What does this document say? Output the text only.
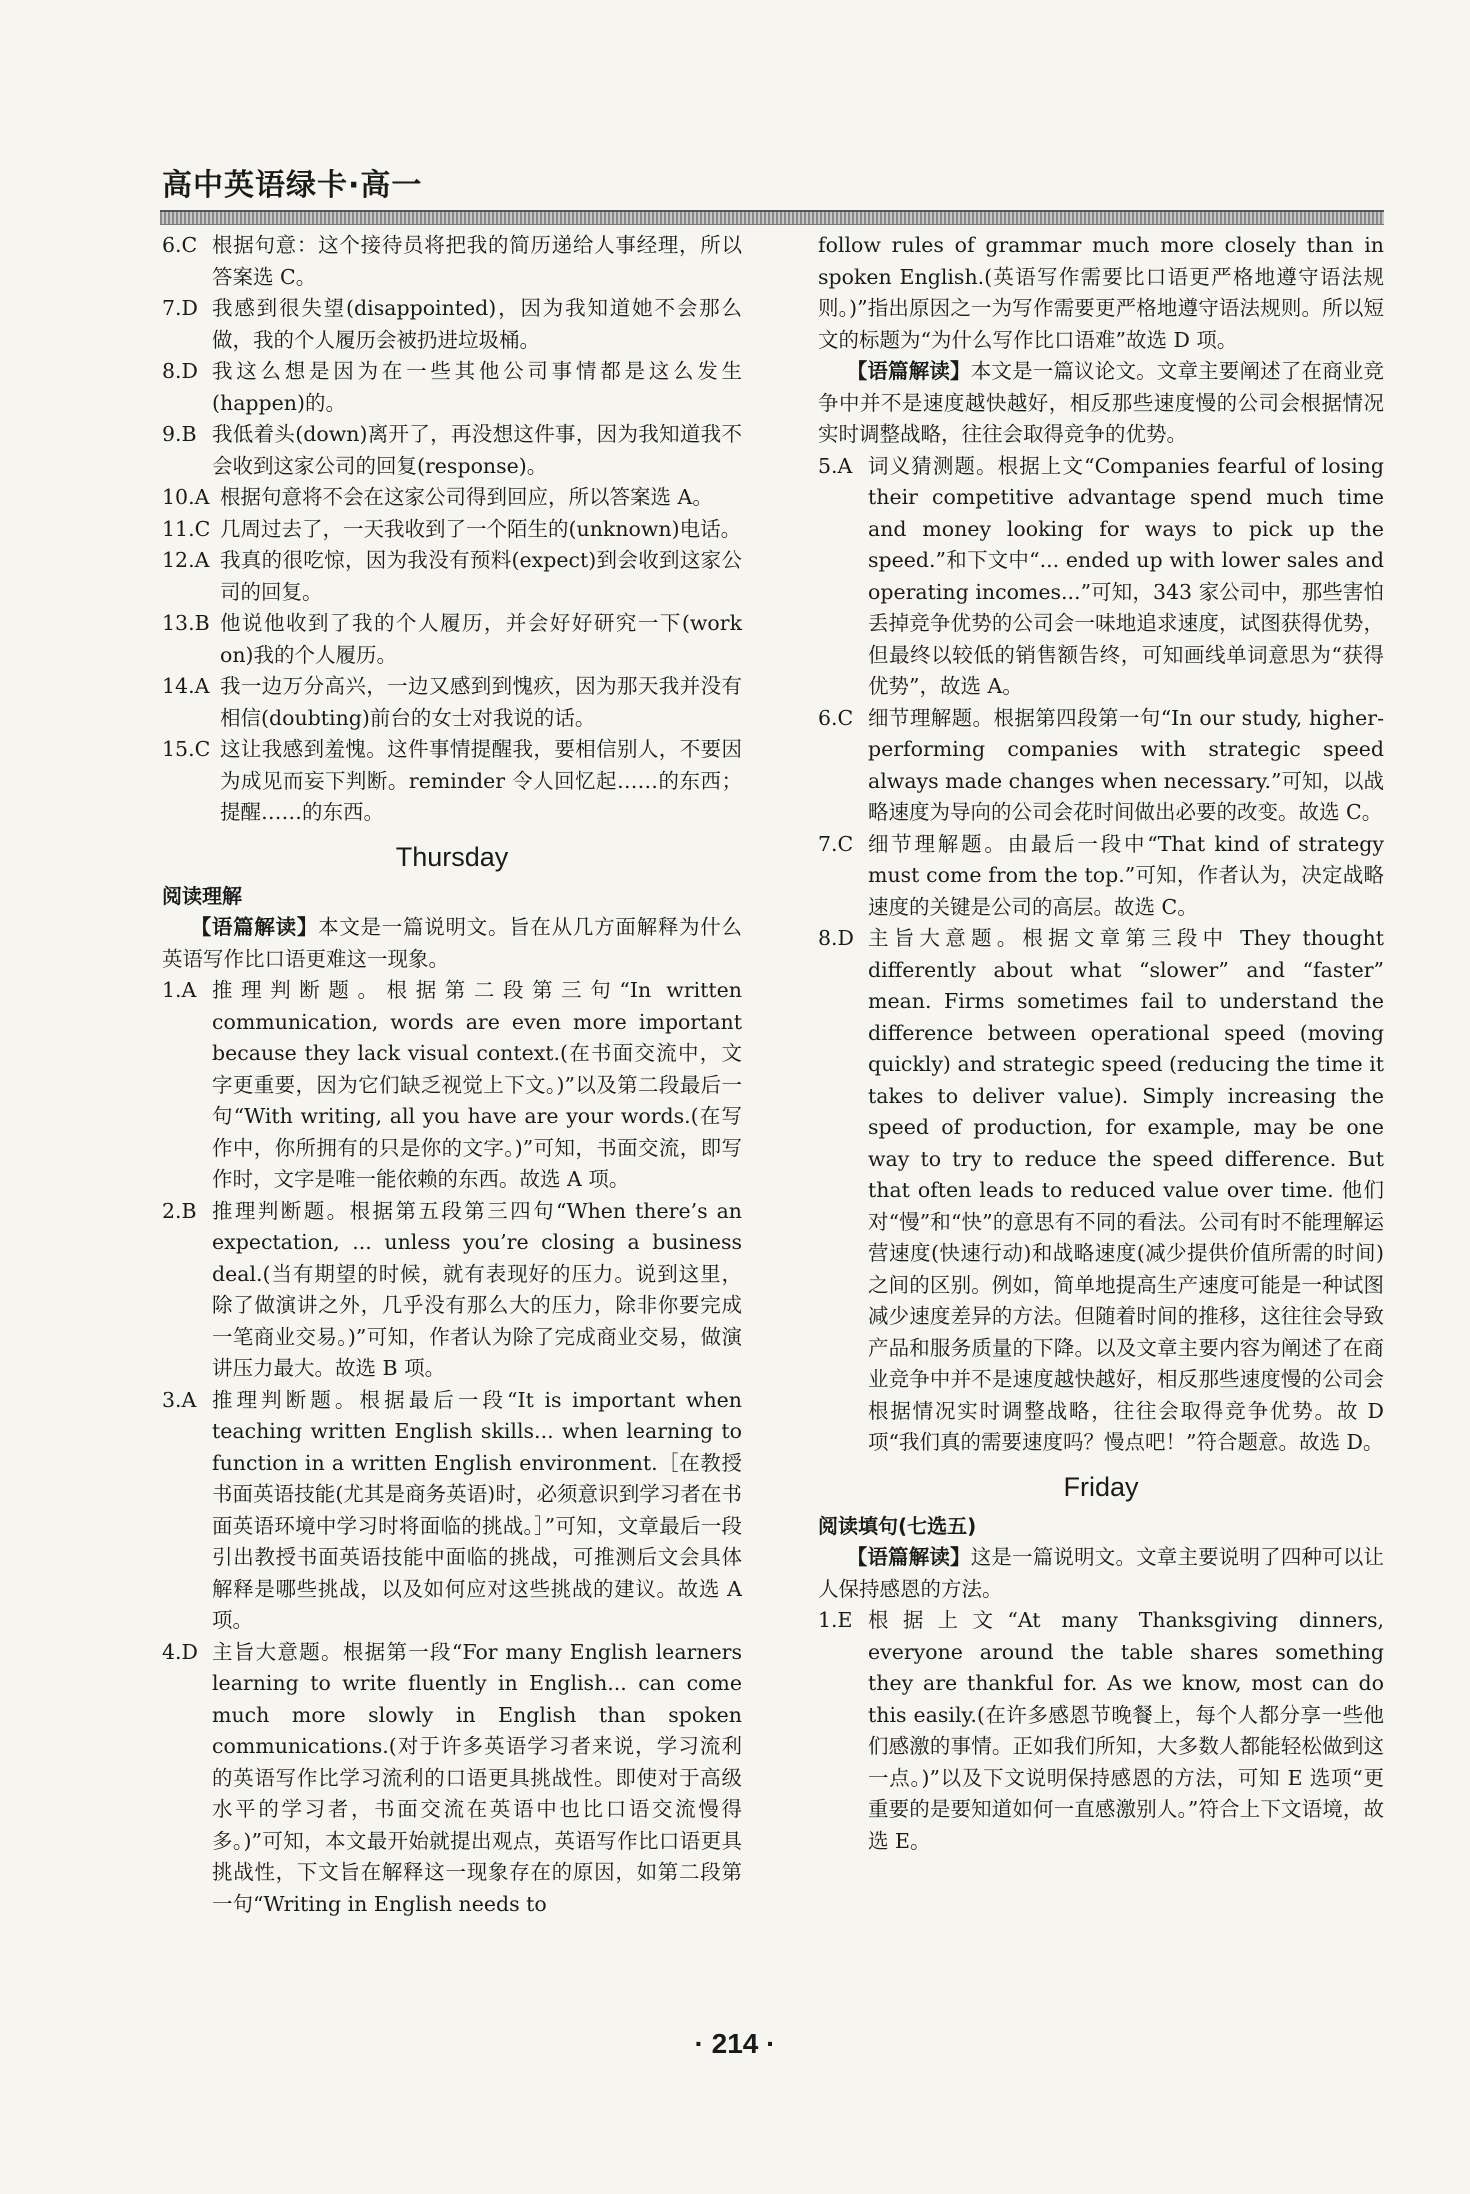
高中英语绿卡·高一
6.C 根据句意：这个接待员将把我的简历递给人事经理，所以答案选 C。
7.D 我感到很失望(disappointed)，因为我知道她不会那么做，我的个人履历会被扔进垃圾桶。
8.D 我这么想是因为在一些其他公司事情都是这么发生(happen)的。
9.B 我低着头(down)离开了，再没想这件事，因为我知道我不会收到这家公司的回复(response)。
10.A 根据句意将不会在这家公司得到回应，所以答案选 A。
11.C 几周过去了，一天我收到了一个陌生的(unknown)电话。
12.A 我真的很吃惊，因为我没有预料(expect)到会收到这家公司的回复。
13.B 他说他收到了我的个人履历，并会好好研究一下(work on)我的个人履历。
14.A 我一边万分高兴，一边又感到到愧疚，因为那天我并没有相信(doubting)前台的女士对我说的话。
15.C 这让我感到羞愧。这件事情提醒我，要相信别人，不要因为成见而妄下判断。reminder 令人回忆起……的东西；提醒……的东西。
Thursday
阅读理解

【语篇解读】本文是一篇说明文。旨在从几方面解释为什么英语写作比口语更难这一现象。

1.A 推理判断题。根据第二段第三句“In written communication, words are even more important because they lack visual context.(在书面交流中，文字更重要，因为它们缺乏视觉上下文。)”以及第二段最后一句“With writing, all you have are your words.(在写作中，你所拥有的只是你的文字。)”可知，书面交流，即写作时，文字是唯一能依赖的东西。故选 A 项。
2.B 推理判断题。根据第五段第三四句“When there’s an expectation, ... unless you’re closing a business deal.(当有期望的时候，就有表现好的压力。说到这里，除了做演讲之外，几乎没有那么大的压力，除非你要完成一笔商业交易。)”可知，作者认为除了完成商业交易，做演讲压力最大。故选 B 项。
3.A 推理判断题。根据最后一段“It is important when teaching written English skills... when learning to function in a written English environment.［在教授书面英语技能(尤其是商务英语)时，必须意识到学习者在书面英语环境中学习时将面临的挑战。］”可知，文章最后一段引出教授书面英语技能中面临的挑战，可推测后文会具体解释是哪些挑战，以及如何应对这些挑战的建议。故选 A 项。
4.D 主旨大意题。根据第一段“For many English learners learning to write fluently in English... can come much more slowly in English than spoken communications.(对于许多英语学习者来说，学习流利的英语写作比学习流利的口语更具挑战性。即使对于高级水平的学习者，书面交流在英语中也比口语交流慢得多。)”可知，本文最开始就提出观点，英语写作比口语更具挑战性，下文旨在解释这一现象存在的原因，如第二段第一句“Writing in English needs to

follow rules of grammar much more closely than in spoken English.(英语写作需要比口语更严格地遵守语法规则。)”指出原因之一为写作需要更严格地遵守语法规则。所以短文的标题为“为什么写作比口语难”故选 D 项。

【语篇解读】本文是一篇议论文。文章主要阐述了在商业竞争中并不是速度越快越好，相反那些速度慢的公司会根据情况实时调整战略，往往会取得竞争的优势。

5.A 词义猜测题。根据上文“Companies fearful of losing their competitive advantage spend much time and money looking for ways to pick up the speed.”和下文中“... ended up with lower sales and operating incomes...”可知，343 家公司中，那些害怕丢掉竞争优势的公司会一味地追求速度，试图获得优势，但最终以较低的销售额告终，可知画线单词意思为“获得优势”，故选 A。
6.C 细节理解题。根据第四段第一句“In our study, higher-performing companies with strategic speed always made changes when necessary.”可知，以战略速度为导向的公司会花时间做出必要的改变。故选 C。
7.C 细节理解题。由最后一段中“That kind of strategy must come from the top.”可知，作者认为，决定战略速度的关键是公司的高层。故选 C。
8.D 主旨大意题。根据文章第三段中 They thought differently about what “slower” and “faster” mean. Firms sometimes fail to understand the difference between operational speed (moving quickly) and strategic speed (reducing the time it takes to deliver value). Simply increasing the speed of production, for example, may be one way to try to reduce the speed difference. But that often leads to reduced value over time. 他们对“慢”和“快”的意思有不同的看法。公司有时不能理解运营速度(快速行动)和战略速度(减少提供价值所需的时间)之间的区别。例如，简单地提高生产速度可能是一种试图减少速度差异的方法。但随着时间的推移，这往往会导致产品和服务质量的下降。以及文章主要内容为阐述了在商业竞争中并不是速度越快越好，相反那些速度慢的公司会根据情况实时调整战略，往往会取得竞争优势。故 D 项“我们真的需要速度吗？慢点吧！”符合题意。故选 D。
Friday
阅读填句(七选五)

【语篇解读】这是一篇说明文。文章主要说明了四种可以让人保持感恩的方法。

1.E 根据上文“At many Thanksgiving dinners, everyone around the table shares something they are thankful for. As we know, most can do this easily.(在许多感恩节晚餐上，每个人都分享一些他们感激的事情。正如我们所知，大多数人都能轻松做到这一点。)”以及下文说明保持感恩的方法，可知 E 选项“更重要的是要知道如何一直感激别人。”符合上下文语境，故选 E。
· 214 ·
